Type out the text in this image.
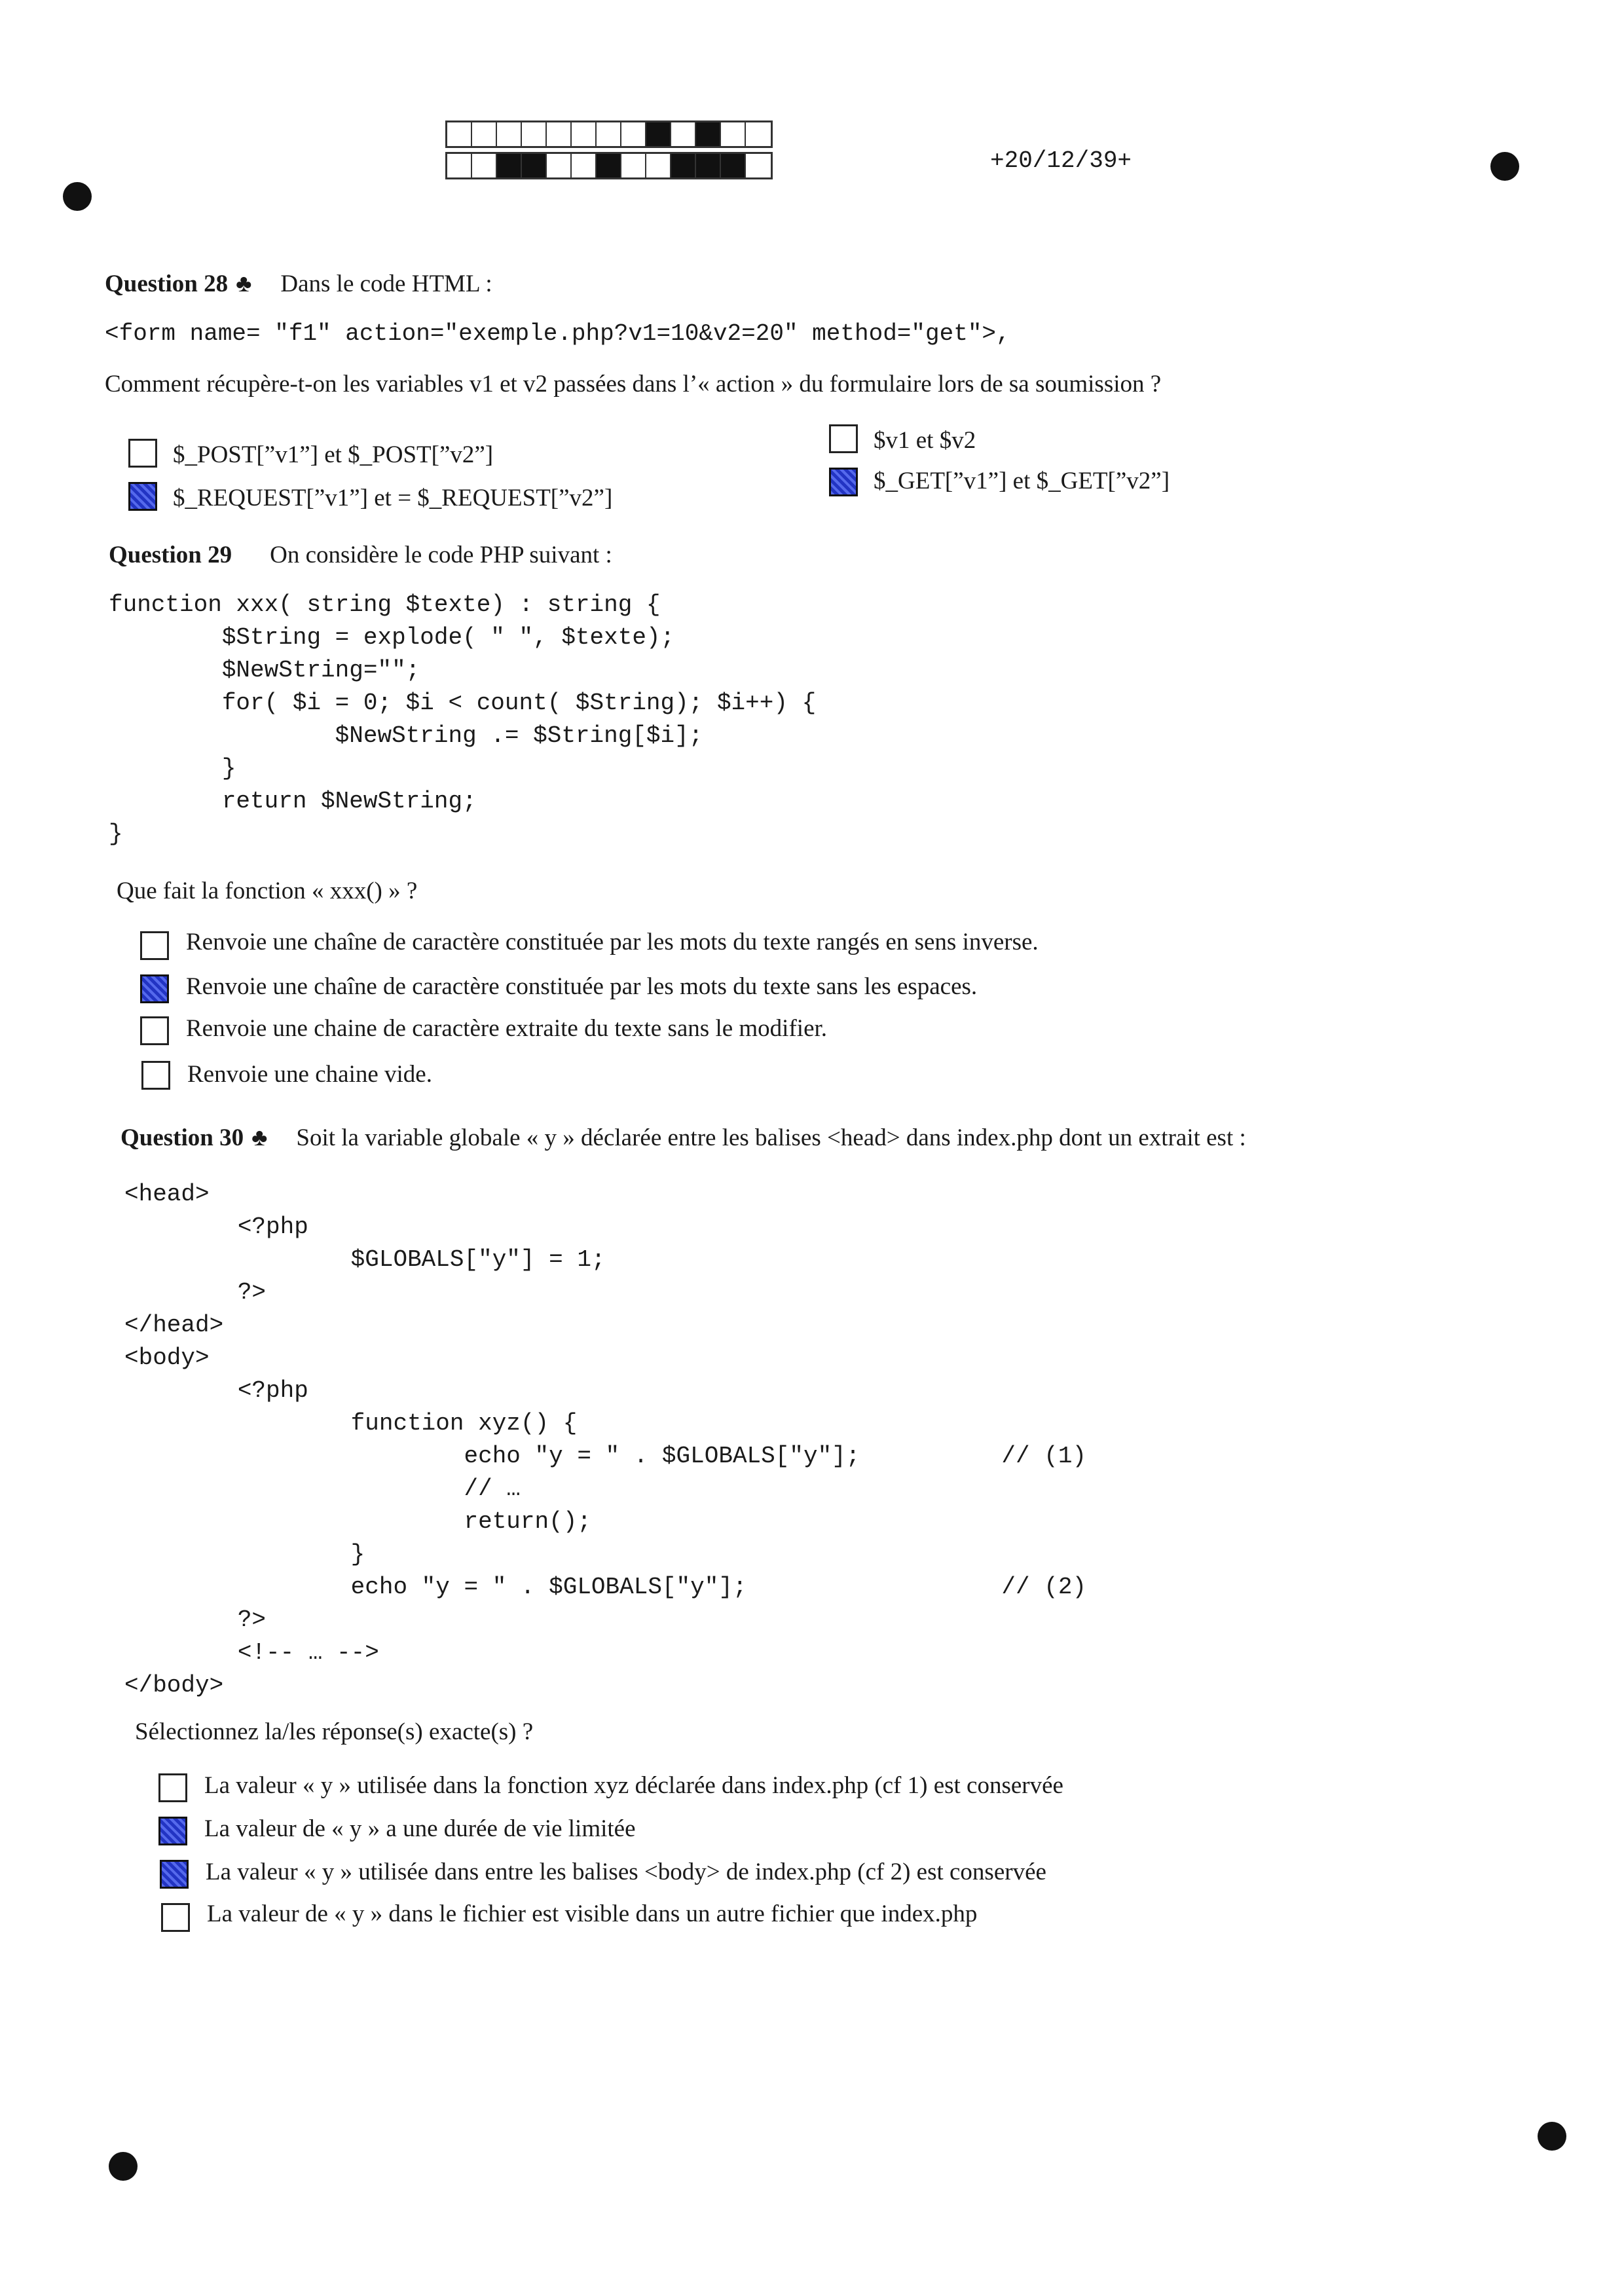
+20/12/39+
Question 28 ♣ Dans le code HTML :
<form name= "f1" action="exemple.php?v1=10&v2=20" method="get">,
Comment récupère-t-on les variables v1 et v2 passées dans l’« action » du formulaire lors de sa soumission ?
$_POST[”v1”] et $_POST[”v2”]
$_REQUEST[”v1”] et = $_REQUEST[”v2”]
$v1 et $v2
$_GET[”v1”] et $_GET[”v2”]
Question 29 On considère le code PHP suivant :
function xxx( string $texte) : string {
$String = explode( " ", $texte);
$NewString="";
for( $i = 0; $i < count( $String); $i++) {
$NewString .= $String[$i];
}
return $NewString;
}
Que fait la fonction « xxx() » ?
Renvoie une chaîne de caractère constituée par les mots du texte rangés en sens inverse.
Renvoie une chaîne de caractère constituée par les mots du texte sans les espaces.
Renvoie une chaine de caractère extraite du texte sans le modifier.
Renvoie une chaine vide.
Question 30 ♣ Soit la variable globale « y » déclarée entre les balises <head> dans index.php dont un extrait est :
<head>
<?php
$GLOBALS["y"] = 1;
?>
</head>
<body>
<?php
function xyz() {
echo "y = " . $GLOBALS["y"];          // (1)
// …
return();
}
echo "y = " . $GLOBALS["y"];                  // (2)
?>
<!-- … -->
</body>
Sélectionnez la/les réponse(s) exacte(s) ?
La valeur « y » utilisée dans la fonction xyz déclarée dans index.php (cf 1) est conservée
La valeur de « y » a une durée de vie limitée
La valeur « y » utilisée dans entre les balises <body> de index.php (cf 2) est conservée
La valeur de « y » dans le fichier est visible dans un autre fichier que index.php
